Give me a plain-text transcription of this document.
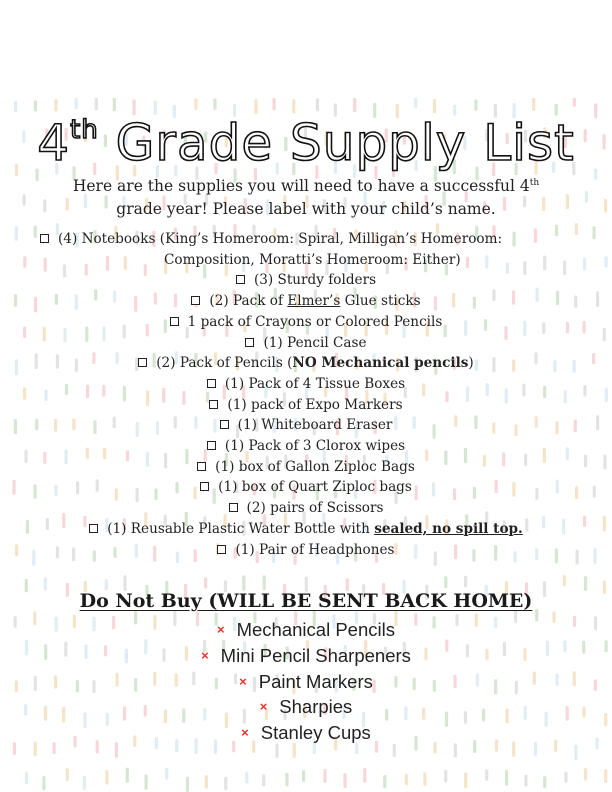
4th Grade Supply List
Here are the supplies you will need to have a successful 4th grade year! Please label with your child’s name.
(4) Notebooks (King’s Homeroom: Spiral, Milligan’s Homeroom: Composition, Moratti’s Homeroom: Either)
(3) Sturdy folders
(2) Pack of Elmer’s Glue sticks
1 pack of Crayons or Colored Pencils
(1) Pencil Case
(2) Pack of Pencils (NO Mechanical pencils)
(1) Pack of 4 Tissue Boxes
(1) pack of Expo Markers
(1) Whiteboard Eraser
(1) Pack of 3 Clorox wipes
(1) box of Gallon Ziploc Bags
(1) box of Quart Ziploc bags
(2) pairs of Scissors
(1) Reusable Plastic Water Bottle with sealed, no spill top.
(1) Pair of Headphones
Do Not Buy (WILL BE SENT BACK HOME)
× Mechanical Pencils
× Mini Pencil Sharpeners
× Paint Markers
× Sharpies
× Stanley Cups
